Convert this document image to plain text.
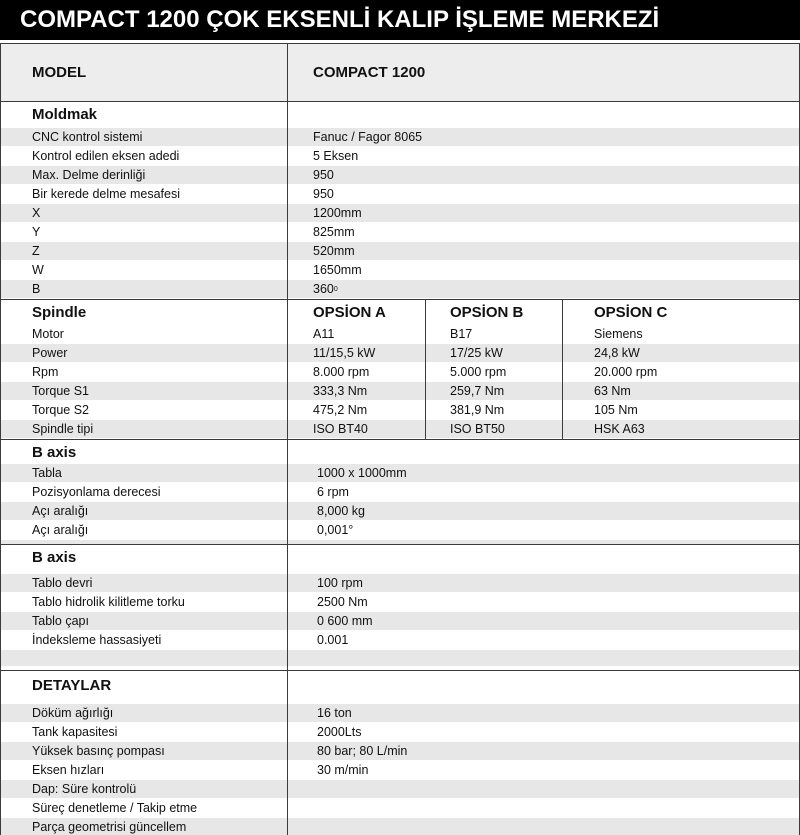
COMPACT 1200 ÇOK EKSENLİ KALIP İŞLEME MERKEZİ
MODEL	COMPACT 1200
Moldmak
CNC kontrol sistemi	Fanuc / Fagor 8065
Kontrol edilen eksen adedi	5 Eksen
Max. Delme derinliği	950
Bir kerede delme mesafesi	950
X	1200mm
Y	825mm
Z	520mm
W	1650mm
B	360 0
Spindle	OPSİON A	OPSİON B	OPSİON C
Motor	A11	B17	Siemens
Power	11/15,5 kW	17/25 kW	24,8 kW
Rpm	8.000 rpm	5.000 rpm	20.000 rpm
Torque S1	333,3 Nm	259,7 Nm	63 Nm
Torque S2	475,2 Nm	381,9 Nm	105 Nm
Spindle tipi	ISO BT40	ISO BT50	HSK A63
B axis
Tabla	1000 x 1000mm
Pozisyonlama derecesi	6 rpm
Açı aralığı	8,000 kg
Açı aralığı	0,001°
B axis
Tablo devri	100 rpm
Tablo hidrolik kilitleme torku	2500 Nm
Tablo çapı	0 600 mm
İndeksleme hassasiyeti	0.001
DETAYLAR
Döküm ağırlığı	16 ton
Tank kapasitesi	2000Lts
Yüksek basınç pompası	80 bar; 80 L/min
Eksen hızları	30 m/min
Dap: Süre kontrolü
Süreç denetleme / Takip etme
Parça geometrisi güncellem
